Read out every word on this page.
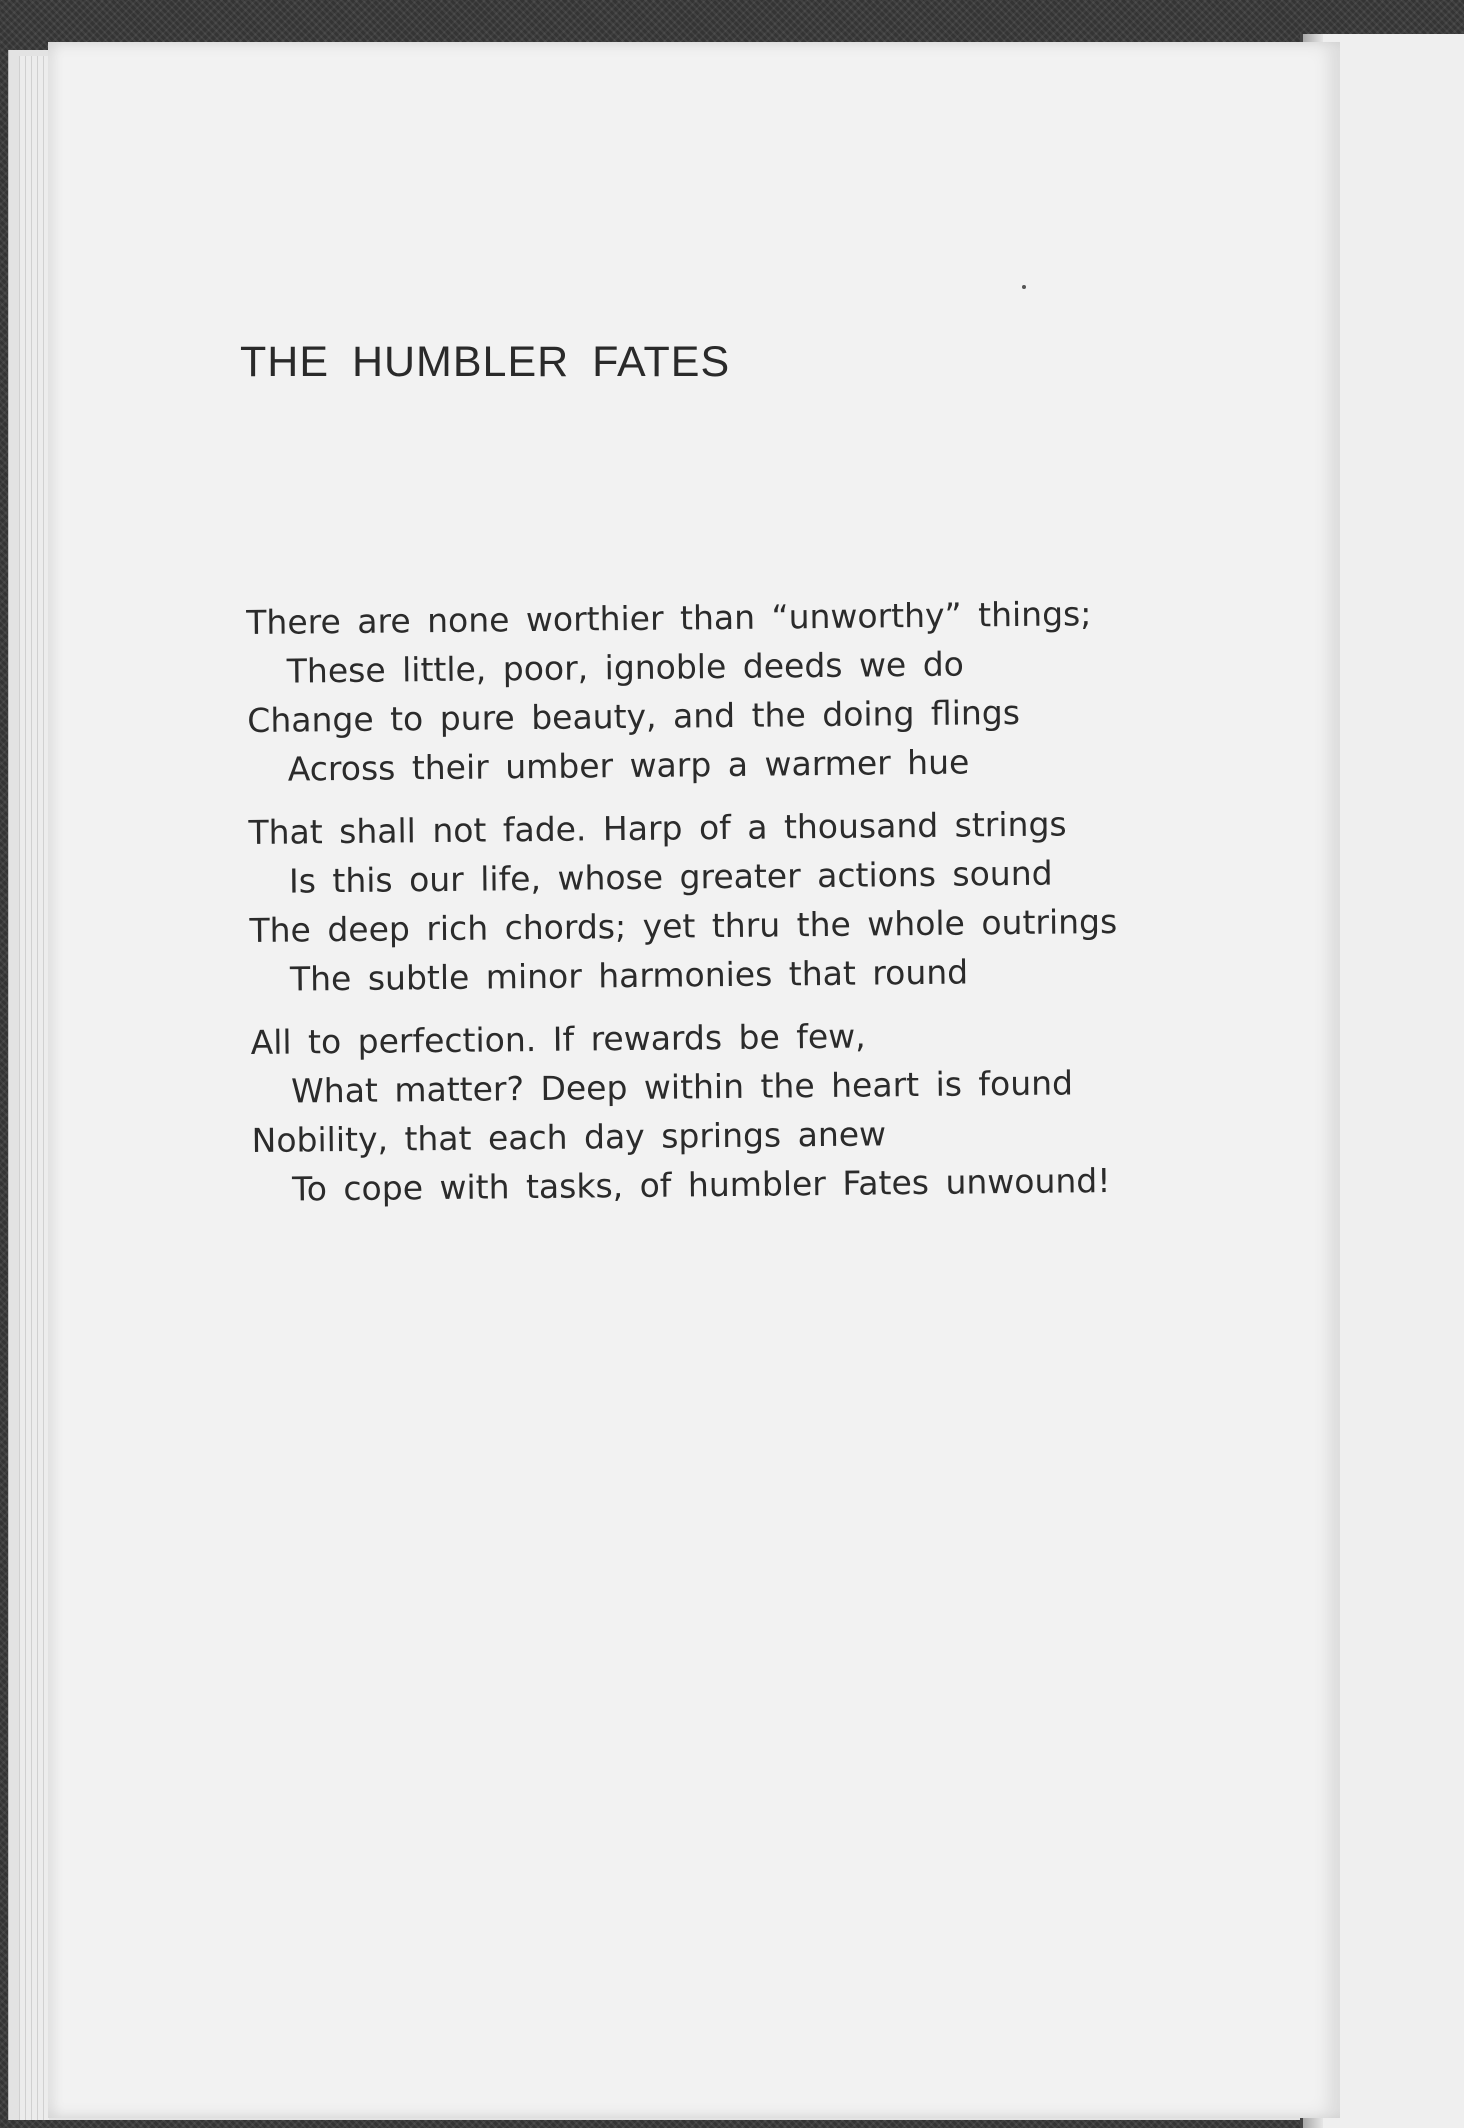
THE HUMBLER FATES
There are none worthier than “unworthy” things;
These little, poor, ignoble deeds we do
Change to pure beauty, and the doing flings
Across their umber warp a warmer hue
That shall not fade. Harp of a thousand strings
Is this our life, whose greater actions sound
The deep rich chords; yet thru the whole outrings
The subtle minor harmonies that round
All to perfection. If rewards be few,
What matter? Deep within the heart is found
Nobility, that each day springs anew
To cope with tasks, of humbler Fates unwound!
